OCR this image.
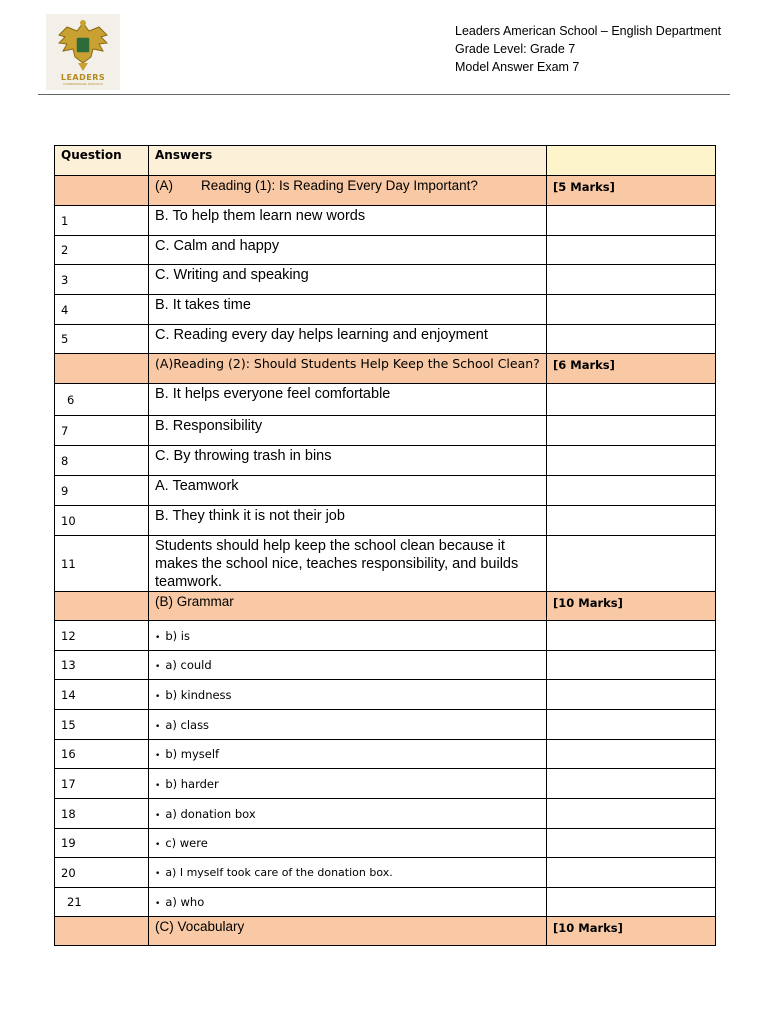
LEADERS
INTERNATIONAL SCHOOLS
Leaders American School – English Department
Grade Level: Grade 7
Model Answer Exam 7
Question	Answers	
	(A) Reading (1): Is Reading Every Day Important?	[5 Marks]
1	B. To help them learn new words	
2	C. Calm and happy	
3	C. Writing and speaking	
4	B. It takes time	
5	C. Reading every day helps learning and enjoyment	
	(A)Reading (2): Should Students Help Keep the School Clean?	[6 Marks]
6	B. It helps everyone feel comfortable	
7	B. Responsibility	
8	C. By throwing trash in bins	
9	A. Teamwork	
10	B. They think it is not their job	
11	Students should help keep the school clean because it makes the school nice, teaches responsibility, and builds teamwork.	
	(B) Grammar	[10 Marks]
12	• b) is	
13	• a) could	
14	• b) kindness	
15	• a) class	
16	• b) myself	
17	• b) harder	
18	• a) donation box	
19	• c) were	
20	• a) I myself took care of the donation box.	
21	• a) who	
	(C) Vocabulary	[10 Marks]
